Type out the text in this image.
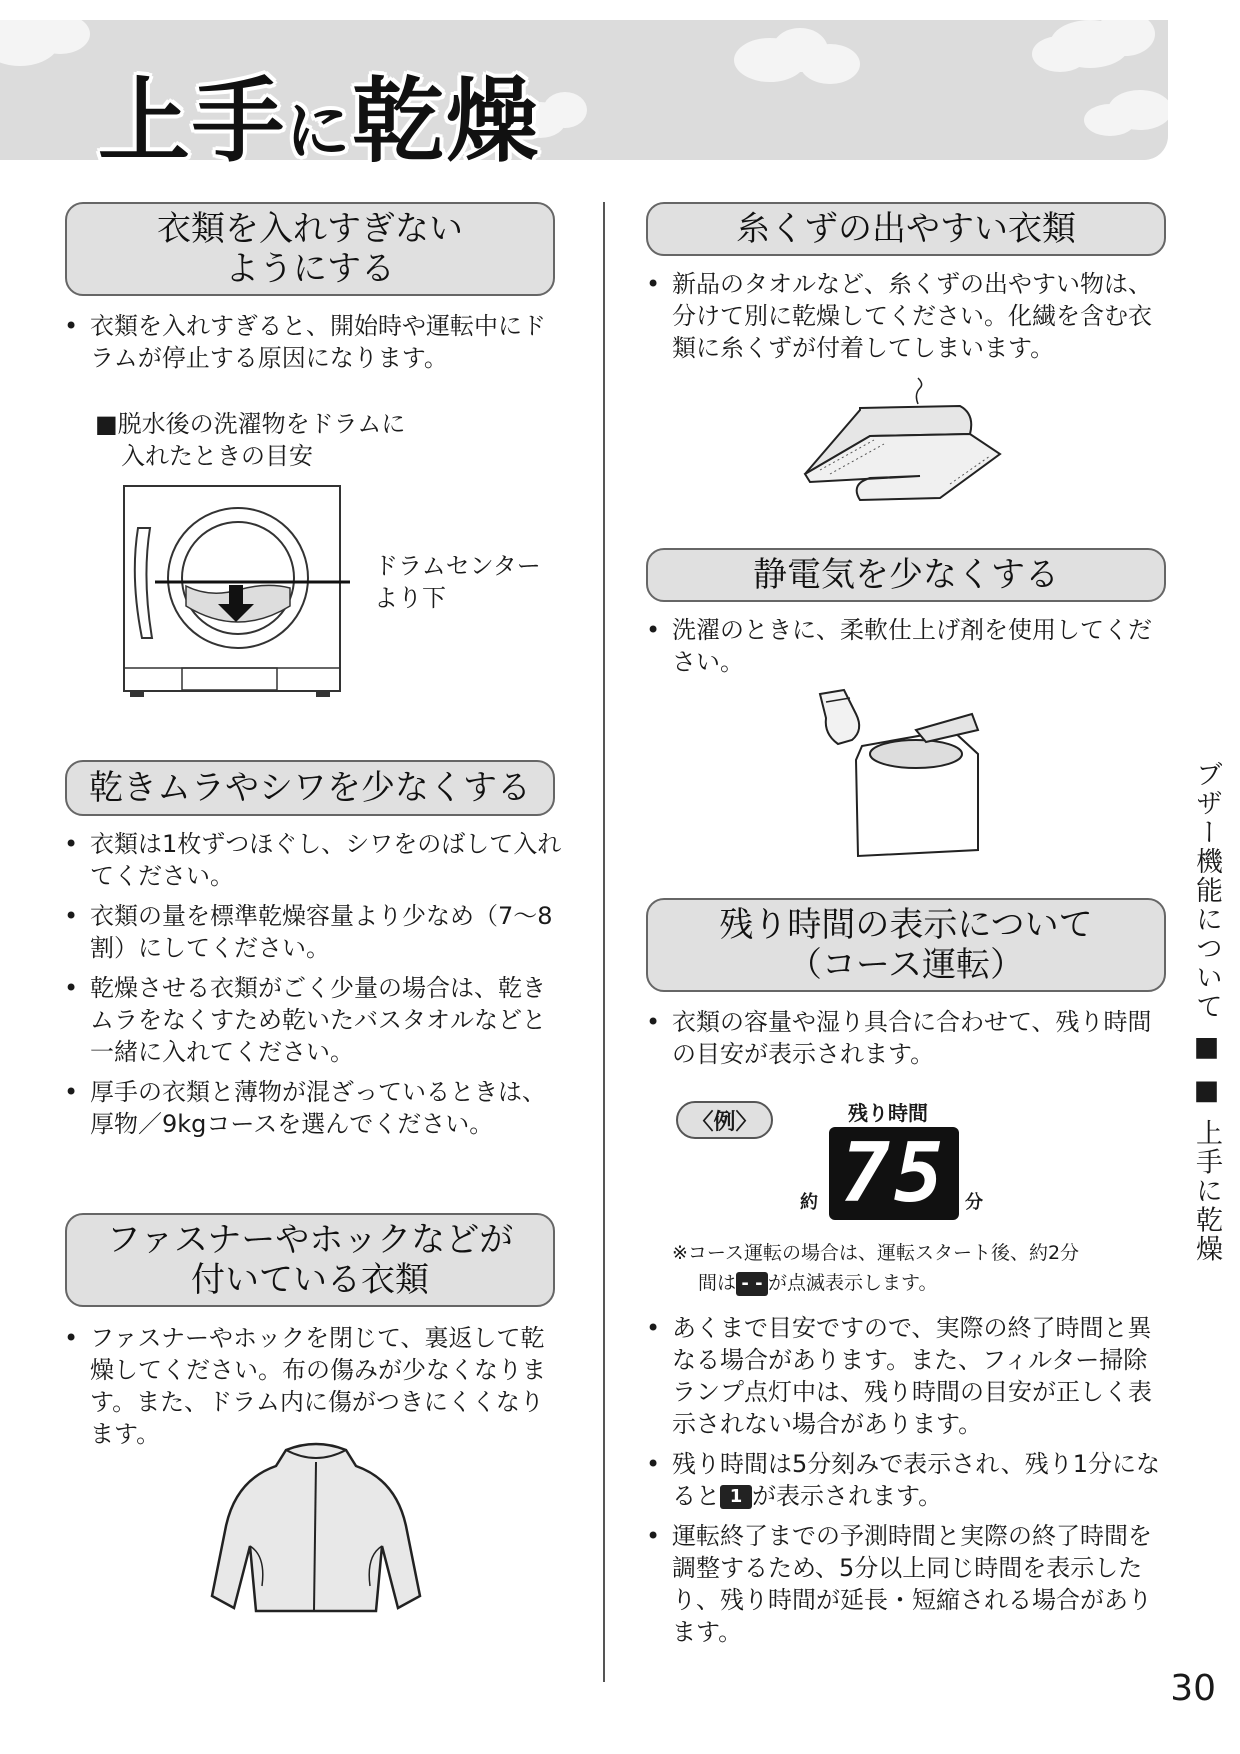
上手に乾燥
衣類を入れすぎない
ようにする
• 衣類を入れすぎると、開始時や運転中にドラムが停止する原因になります。
■脱水後の洗濯物をドラムに
入れたときの目安
ドラムセンター
より下
乾きムラやシワを少なくする
• 衣類は1枚ずつほぐし、シワをのばして入れてください。
• 衣類の量を標準乾燥容量より少なめ（7～8割）にしてください。
• 乾燥させる衣類がごく少量の場合は、乾きムラをなくすため乾いたバスタオルなどと一緒に入れてください。
• 厚手の衣類と薄物が混ざっているときは、厚物／9kgコースを選んでください。
ファスナーやホックなどが
付いている衣類
• ファスナーやホックを閉じて、裏返して乾燥してください。布の傷みが少なくなります。また、ドラム内に傷がつきにくくなります。
糸くずの出やすい衣類
• 新品のタオルなど、糸くずの出やすい物は、分けて別に乾燥してください。化繊を含む衣類に糸くずが付着してしまいます。
静電気を少なくする
• 洗濯のときに、柔軟仕上げ剤を使用してください。
残り時間の表示について
（コース運転）
• 衣類の容量や湿り具合に合わせて、残り時間の目安が表示されます。
〈例〉	残り時間
75
約	分
※コース運転の場合は、運転スタート後、約2分
間は - - が点滅表示します。
• あくまで目安ですので、実際の終了時間と異なる場合があります。また、フィルター掃除ランプ点灯中は、残り時間の目安が正しく表示されない場合があります。
• 残り時間は5分刻みで表示され、残り1分になると 1 が表示されます。
• 運転終了までの予測時間と実際の終了時間を調整するため、5分以上同じ時間を表示したり、残り時間が延長・短縮される場合があります。
ブザー機能について ■ ■ 上手に乾燥
30
